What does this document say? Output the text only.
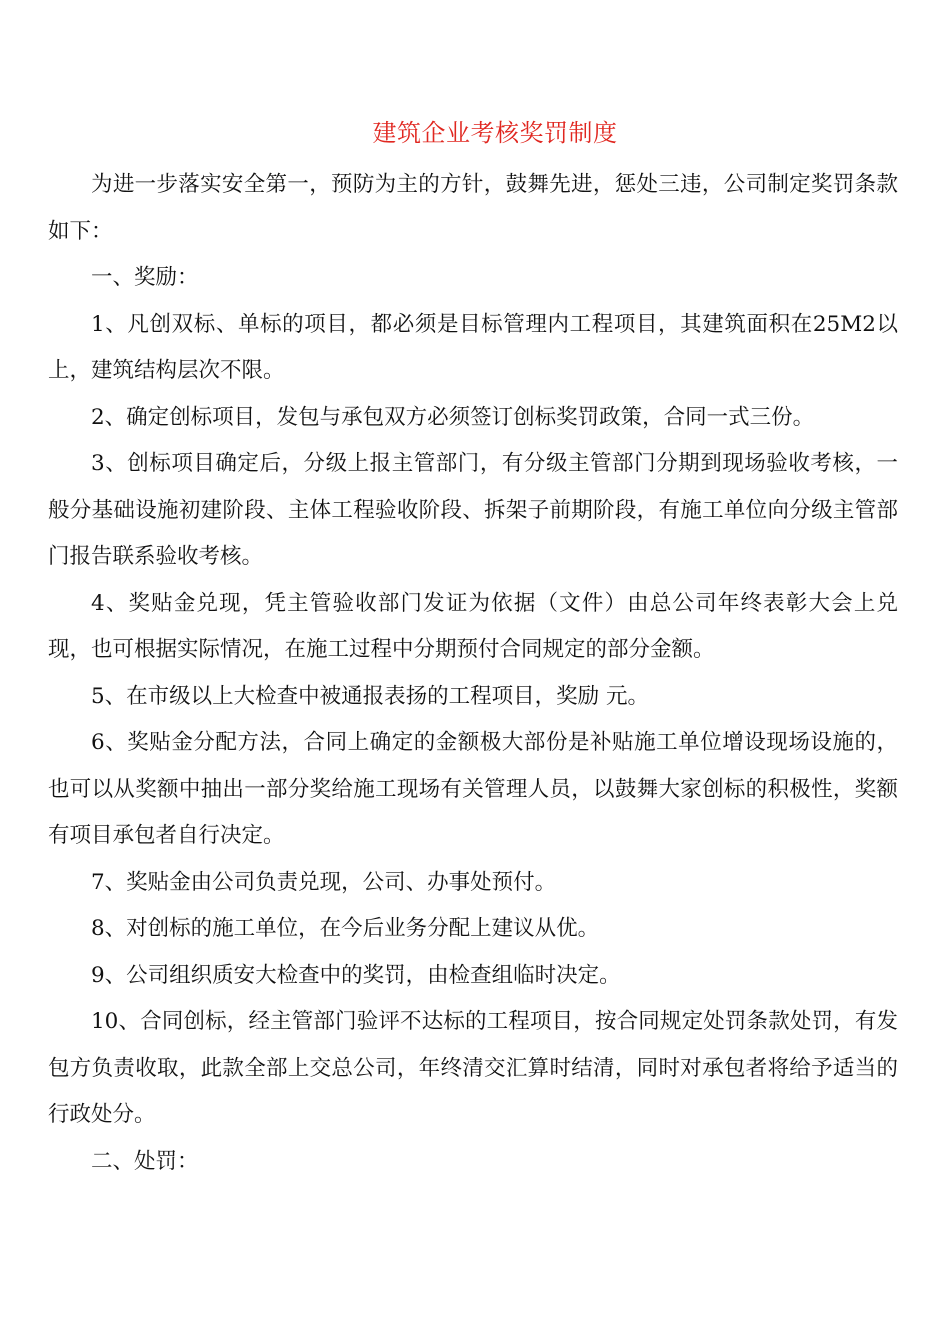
建筑企业考核奖罚制度

为进一步落实安全第一，预防为主的方针，鼓舞先进，惩处三违，公司制定奖罚条款如下：

一、奖励：

1、凡创双标、单标的项目，都必须是目标管理内工程项目，其建筑面积在25M2以上，建筑结构层次不限。

2、确定创标项目，发包与承包双方必须签订创标奖罚政策，合同一式三份。

3、创标项目确定后，分级上报主管部门，有分级主管部门分期到现场验收考核，一般分基础设施初建阶段、主体工程验收阶段、拆架子前期阶段，有施工单位向分级主管部门报告联系验收考核。

4、奖贴金兑现，凭主管验收部门发证为依据（文件）由总公司年终表彰大会上兑现，也可根据实际情况，在施工过程中分期预付合同规定的部分金额。

5、在市级以上大检查中被通报表扬的工程项目，奖励 元。

6、奖贴金分配方法，合同上确定的金额极大部份是补贴施工单位增设现场设施的，也可以从奖额中抽出一部分奖给施工现场有关管理人员，以鼓舞大家创标的积极性，奖额有项目承包者自行决定。

7、奖贴金由公司负责兑现，公司、办事处预付。

8、对创标的施工单位，在今后业务分配上建议从优。

9、公司组织质安大检查中的奖罚，由检查组临时决定。

10、合同创标，经主管部门验评不达标的工程项目，按合同规定处罚条款处罚，有发包方负责收取，此款全部上交总公司，年终清交汇算时结清，同时对承包者将给予适当的行政处分。

二、处罚：
